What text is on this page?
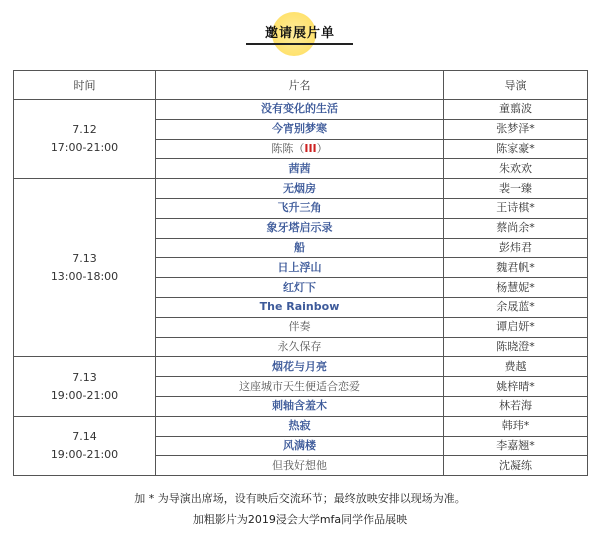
邀请展片单
时间	片名	导演

7.12
17:00-21:00	没有变化的生活	童翦波
	今宵别梦寒	张梦泽*
	陈陈（III）	陈家豪*
	茜茜	朱欢欢

7.13
13:00-18:00	无烟房	裴一臻
	飞升三角	王诗棋*
	象牙塔启示录	蔡尚余*
	船	彭炜君
	日上浮山	魏君帆*
	红灯下	杨慧妮*
	The Rainbow	余晟蓝*
	伴奏	谭启妍*
	永久保存	陈晓澄*

7.13
19:00-21:00	烟花与月亮	费越
	这座城市天生便适合恋爱	姚梓晴*
	刺轴含羞木	林若海

7.14
19:00-21:00	热寂	韩玮*
	风满楼	李嘉翘*
	但我好想他	沈凝练
加 * 为导演出席场，设有映后交流环节；最终放映安排以现场为准。
加粗影片为2019浸会大学mfa同学作品展映
